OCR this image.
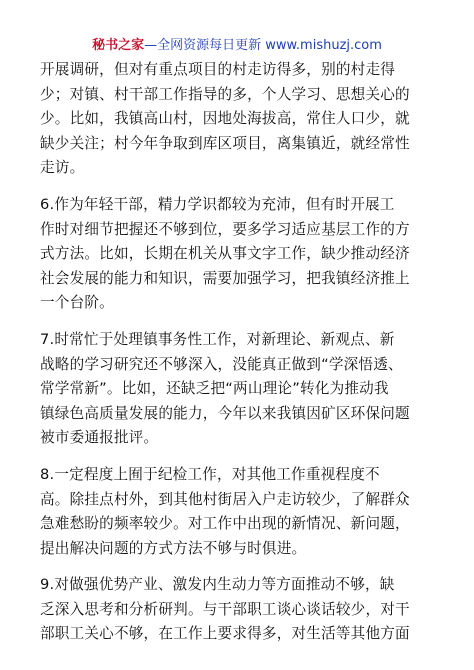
秘书之家—全网资源每日更新 www.mishuzj.com
开展调研，但对有重点项目的村走访得多，别的村走得
少；对镇、村干部工作指导的多，个人学习、思想关心的
少。比如，我镇高山村，因地处海拔高，常住人口少，就
缺少关注；村今年争取到库区项目，离集镇近，就经常性
走访。
6.作为年轻干部，精力学识都较为充沛，但有时开展工
作时对细节把握还不够到位，要多学习适应基层工作的方
式方法。比如，长期在机关从事文字工作，缺少推动经济
社会发展的能力和知识，需要加强学习，把我镇经济推上
一个台阶。
7.时常忙于处理镇事务性工作，对新理论、新观点、新
战略的学习研究还不够深入，没能真正做到“学深悟透、
常学常新”。比如，还缺乏把“两山理论”转化为推动我
镇绿色高质量发展的能力，今年以来我镇因矿区环保问题
被市委通报批评。
8.一定程度上囿于纪检工作，对其他工作重视程度不
高。除挂点村外，到其他村街居入户走访较少，了解群众
急难愁盼的频率较少。对工作中出现的新情况、新问题，
提出解决问题的方式方法不够与时俱进。
9.对做强优势产业、激发内生动力等方面推动不够，缺
乏深入思考和分析研判。与干部职工谈心谈话较少，对干
部职工关心不够，在工作上要求得多，对生活等其他方面
